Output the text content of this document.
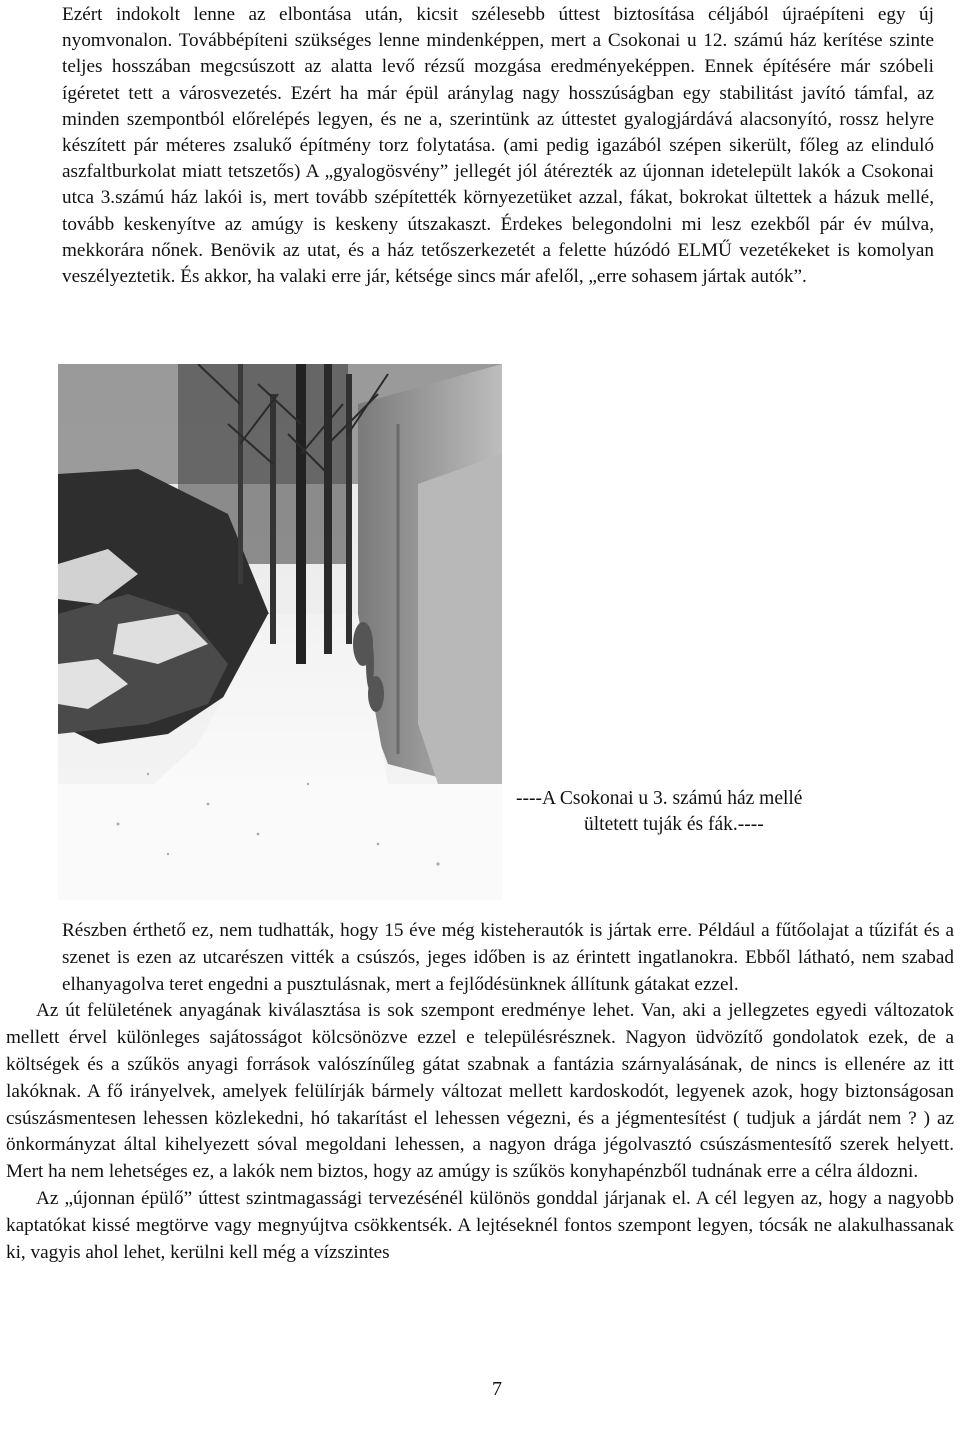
Ezért indokolt lenne az elbontása után, kicsit szélesebb úttest biztosítása céljából újraépíteni egy új nyomvonalon. Továbbépíteni szükséges lenne mindenképpen, mert a Csokonai u 12. számú ház kerítése szinte teljes hosszában megcsúszott az alatta levő rézsű mozgása eredményeképpen. Ennek építésére már szóbeli ígéretet tett a városvezetés. Ezért ha már épül aránylag nagy hosszúságban egy stabilitást javító támfal, az minden szempontból előrelépés legyen, és ne a, szerintünk az úttestet gyalogjárdává alacsonyító, rossz helyre készített pár méteres zsalukő építmény torz folytatása. (ami pedig igazából szépen sikerült, főleg az elinduló aszfaltburkolat miatt tetszetős) A „gyalogösvény” jellegét jól átérezték az újonnan idetelepült lakók a Csokonai utca 3.számú ház lakói is, mert tovább szépítették környezetüket azzal, fákat, bokrokat ültettek a házuk mellé, tovább keskenyítve az amúgy is keskeny útszakaszt. Érdekes belegondolni mi lesz ezekből pár év múlva, mekkorára nőnek. Benövik az utat, és a ház tetőszerkezetét a felette húzódó ELMŰ vezetékeket is komolyan veszélyeztetik. És akkor, ha valaki erre jár, kétsége sincs már afelől, „erre sohasem jártak autók”.

----A Csokonai u 3. számú ház mellé
ültetett tuják és fák.----

Részben érthető ez, nem tudhatták, hogy 15 éve még kisteherautók is jártak erre. Például a fűtőolajat a tűzifát és a szenet is ezen az utcarészen vitték a csúszós, jeges időben is az érintett ingatlanokra. Ebből látható, nem szabad elhanyagolva teret engedni a pusztulásnak, mert a fejlődésünknek állítunk gátakat ezzel.

Az út felületének anyagának kiválasztása is sok szempont eredménye lehet. Van, aki a jellegzetes egyedi változatok mellett érvel különleges sajátosságot kölcsönözve ezzel e településrésznek. Nagyon üdvözítő gondolatok ezek, de a költségek és a szűkös anyagi források valószínűleg gátat szabnak a fantázia szárnyalásának, de nincs is ellenére az itt lakóknak. A fő irányelvek, amelyek felülírják bármely változat mellett kardoskodót, legyenek azok, hogy biztonságosan csúszásmentesen lehessen közlekedni, hó takarítást el lehessen végezni, és a jégmentesítést ( tudjuk a járdát nem ? ) az önkormányzat által kihelyezett sóval megoldani lehessen, a nagyon drága jégolvasztó csúszásmentesítő szerek helyett. Mert ha nem lehetséges ez, a lakók nem biztos, hogy az amúgy is szűkös konyhapénzből tudnának erre a célra áldozni.

Az „újonnan épülő” úttest szintmagassági tervezésénél különös gonddal járjanak el. A cél legyen az, hogy a nagyobb kaptatókat kissé megtörve vagy megnyújtva csökkentsék. A lejtéseknél fontos szempont legyen, tócsák ne alakulhassanak ki, vagyis ahol lehet, kerülni kell még a vízszintes

7
